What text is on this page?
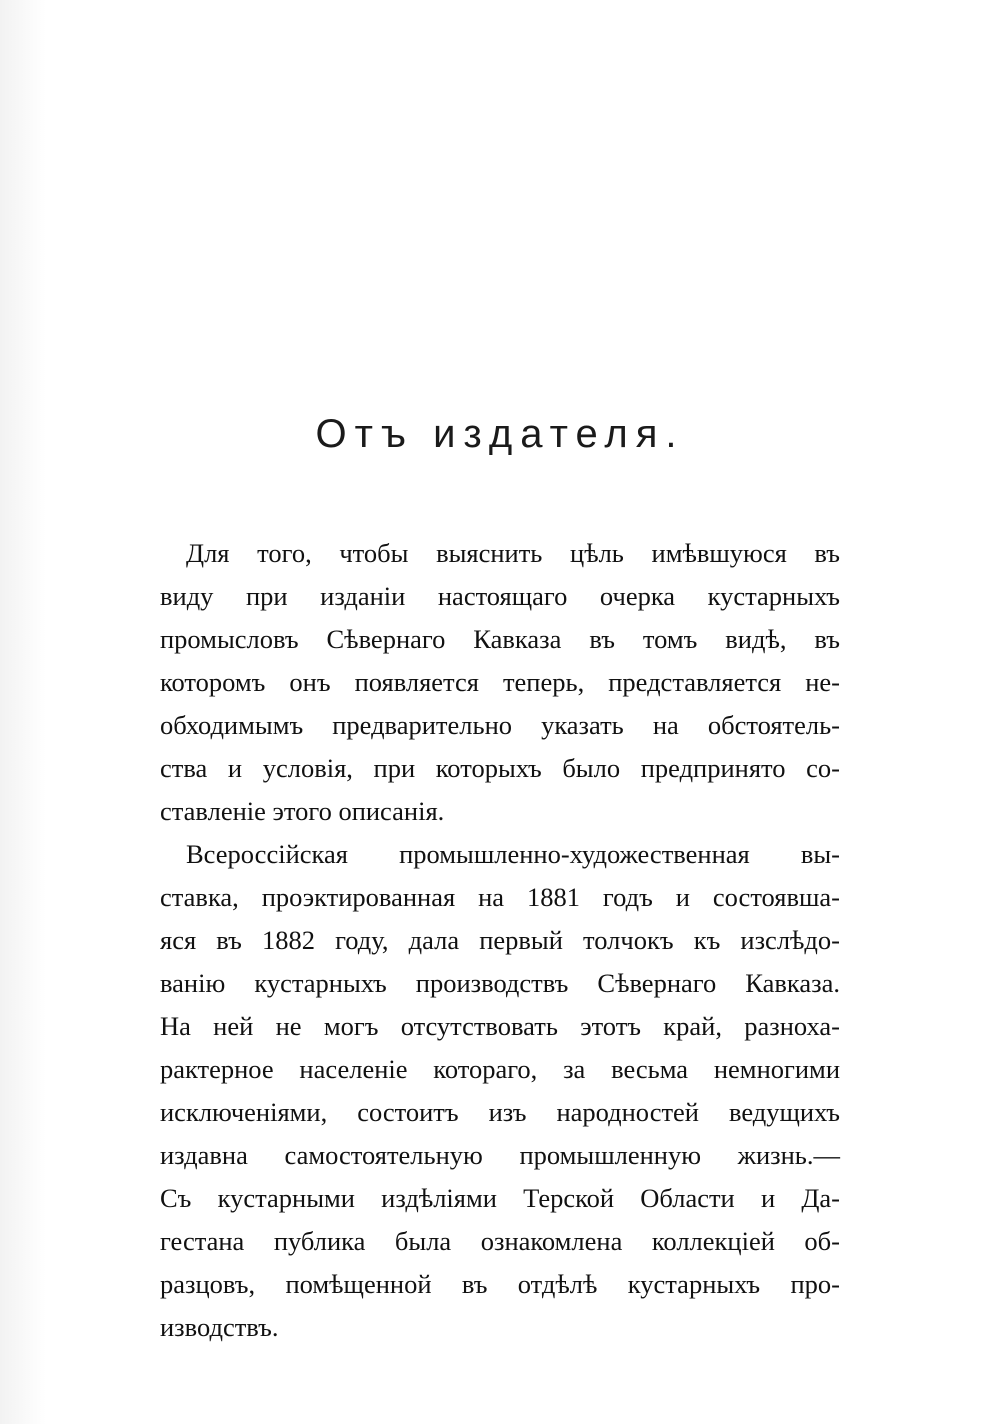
Отъ издателя.
Для того, чтобы выяснить цѣль имѣвшуюся въ
виду при изданіи настоящаго очерка кустарныхъ
промысловъ Сѣвернаго Кавказа въ томъ видѣ, въ
которомъ онъ появляется теперь, представляется не-
обходимымъ предварительно указать на обстоятель-
ства и условія, при которыхъ было предпринято со-
ставленіе этого описанія.
Всероссійская промышленно-художественная вы-
ставка, проэктированная на 1881 годъ и состоявша-
яся въ 1882 году, дала первый толчокъ къ изслѣдо-
ванію кустарныхъ производствъ Сѣвернаго Кавказа.
На ней не могъ отсутствовать этотъ край, разноха-
рактерное населеніе котораго, за весьма немногими
исключеніями, состоитъ изъ народностей ведущихъ
издавна самостоятельную промышленную жизнь.—
Съ кустарными издѣліями Терской Области и Да-
гестана публика была ознакомлена коллекціей об-
разцовъ, помѣщенной въ отдѣлѣ кустарныхъ про-
изводствъ.
